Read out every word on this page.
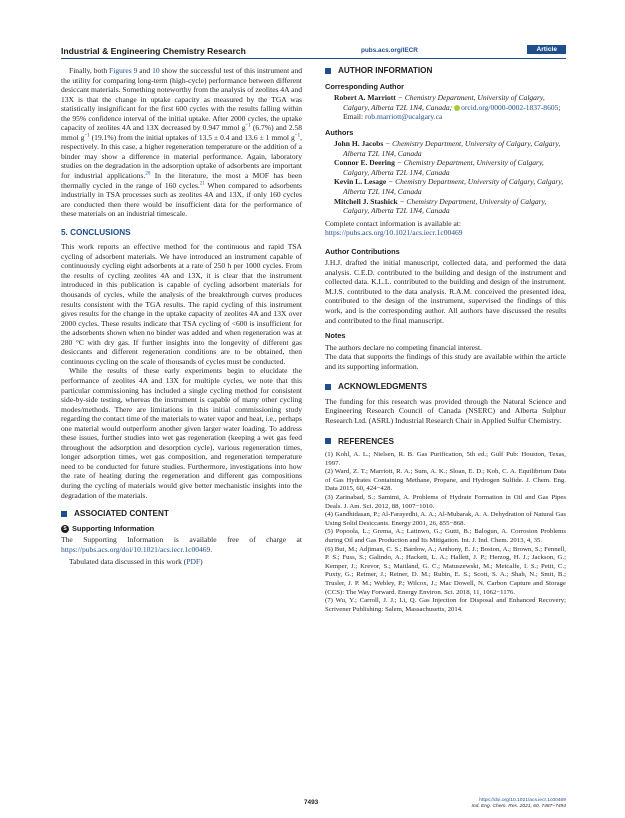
Industrial & Engineering Chemistry Research	pubs.acs.org/IECR	Article

Finally, both Figures 9 and 10 show the successful test of this instrument and the utility for comparing long-term (high-cycle) performance between different desiccant materials. Something noteworthy from the analysis of zeolites 4A and 13X is that the change in uptake capacity as measured by the TGA was statistically insignificant for the first 600 cycles with the results falling within the 95% confidence interval of the initial uptake. After 2000 cycles, the uptake capacity of zeolites 4A and 13X decreased by 0.947 mmol $g^{-1}$ (6.7%) and 2.58 mmol $g^{-1}$ (19.1%) from the initial uptakes of 13.5 ± 0.4 and 13.6 ± 1 mmol $g^{-1}$, respectively. In this case, a higher regeneration temperature or the addition of a binder may show a difference in material performance. Again, laboratory studies on the degradation in the adsorption uptake of adsorbents are important for industrial applications.$^{20}$ In the literature, the most a MOF has been thermally cycled in the range of 160 cycles.$^{21}$ When compared to adsorbents industrially in TSA processes such as zeolites 4A and 13X, if only 160 cycles are conducted then there would be insufficient data for the performance of these materials on an industrial timescale.

5. CONCLUSIONS

This work reports an effective method for the continuous and rapid TSA cycling of adsorbent materials. We have introduced an instrument capable of continuously cycling eight adsorbents at a rate of 250 h per 1000 cycles. From the results of cycling zeolites 4A and 13X, it is clear that the instrument introduced in this publication is capable of cycling adsorbent materials for thousands of cycles, while the analysis of the breakthrough curves produces results consistent with the TGA results. The rapid cycling of this instrument gives results for the change in the uptake capacity of zeolites 4A and 13X over 2000 cycles. These results indicate that TSA cycling of <600 is insufficient for the adsorbents shown when no binder was added and when regeneration was at 280 °C with dry gas. If further insights into the longevity of different gas desiccants and different regeneration conditions are to be obtained, then continuous cycling on the scale of thousands of cycles must be conducted.

While the results of these early experiments begin to elucidate the performance of zeolites 4A and 13X for multiple cycles, we note that this particular commissioning has included a single cycling method for consistent side-by-side testing, whereas the instrument is capable of many other cycling modes/methods. There are limitations in this initial commissioning study regarding the contact time of the materials to water vapor and heat, i.e., perhaps one material would outperform another given larger water loading. To address these issues, further studies into wet gas regeneration (keeping a wet gas feed throughout the adsorption and desorption cycle), various regeneration times, longer adsorption times, wet gas composition, and regeneration temperature need to be conducted for future studies. Furthermore, investigations into how the rate of heating during the regeneration and different gas compositions during the cycling of materials would give better mechanistic insights into the degradation of the materials.

ASSOCIATED CONTENT
S Supporting Information

The Supporting Information is available free of charge at https://pubs.acs.org/doi/10.1021/acs.iecr.1c00469.

Tabulated data discussed in this work (PDF)

AUTHOR INFORMATION
Corresponding Author

Robert A. Marriott − Chemistry Department, University of Calgary, Calgary, Alberta T2L 1N4, Canada; orcid.org/0000-0002-1837-8605; Email: rob.marriott@ucalgary.ca

Authors

John H. Jacobs − Chemistry Department, University of Calgary, Calgary, Alberta T2L 1N4, Canada

Connor E. Deering − Chemistry Department, University of Calgary, Calgary, Alberta T2L 1N4, Canada

Kevin L. Lesage − Chemistry Department, University of Calgary, Calgary, Alberta T2L 1N4, Canada

Mitchell J. Stashick − Chemistry Department, University of Calgary, Calgary, Alberta T2L 1N4, Canada

Complete contact information is available at:

https://pubs.acs.org/10.1021/acs.iecr.1c00469

Author Contributions

J.H.J. drafted the initial manuscript, collected data, and performed the data analysis. C.E.D. contributed to the building and design of the instrument and collected data. K.L.L. contributed to the building and design of the instrument. M.J.S. contributed to the data analysis. R.A.M. conceived the presented idea, contributed to the design of the instrument, supervised the findings of this work, and is the corresponding author. All authors have discussed the results and contributed to the final manuscript.

Notes

The authors declare no competing financial interest.

The data that supports the findings of this study are available within the article and its supporting information.

ACKNOWLEDGMENTS

The funding for this research was provided through the Natural Science and Engineering Research Council of Canada (NSERC) and Alberta Sulphur Research Ltd. (ASRL) Industrial Research Chair in Applied Sulfur Chemistry.

REFERENCES

(1) Kohl, A. L.; Nielsen, R. B. Gas Purification, 5th ed.; Gulf Pub: Houston, Texas, 1997.

(2) Ward, Z. T.; Marriott, R. A.; Sum, A. K.; Sloan, E. D.; Koh, C. A. Equilibrium Data of Gas Hydrates Containing Methane, Propane, and Hydrogen Sulfide. J. Chem. Eng. Data 2015, 60, 424−428.

(3) Zarinabad, S.; Samimi, A. Problems of Hydrate Formation in Oil and Gas Pipes Deals. J. Am. Sci. 2012, 88, 1007−1010.

(4) Gandhidasan, P.; Al-Farayedhi, A. A.; Al-Mubarak, A. A. Dehydration of Natural Gas Using Solid Desiccants. Energy 2001, 26, 855−868.

(5) Popoola, L.; Grema, A.; Latinwo, G.; Gutti, B.; Balogun, A. Corrosion Problems during Oil and Gas Production and Its Mitigation. Int. J. Ind. Chem. 2013, 4, 35.

(6) Bui, M.; Adjiman, C. S.; Bardow, A.; Anthony, E. J.; Boston, A.; Brown, S.; Fennell, P. S.; Fuss, S.; Galindo, A.; Hackett, L. A.; Hallett, J. P.; Herzog, H. J.; Jackson, G.; Kemper, J.; Krevor, S.; Maitland, G. C.; Matuszewski, M.; Metcalfe, I. S.; Petit, C.; Puxty, G.; Reimer, J.; Reiner, D. M.; Rubin, E. S.; Scott, S. A.; Shah, N.; Smit, B.; Trusler, J. P. M.; Webley, P.; Wilcox, J.; Mac Dowell, N. Carbon Capture and Storage (CCS): The Way Forward. Energy Environ. Sci. 2018, 11, 1062−1176.

(7) Wu, Y.; Carroll, J. J.; Li, Q. Gas Injection for Disposal and Enhanced Recovery; Scrivener Publishing: Salem, Massachusetts, 2014.

7493	https://doi.org/10.1021/acs.iecr.1c00469
Ind. Eng. Chem. Res. 2021, 60, 7487−7494
